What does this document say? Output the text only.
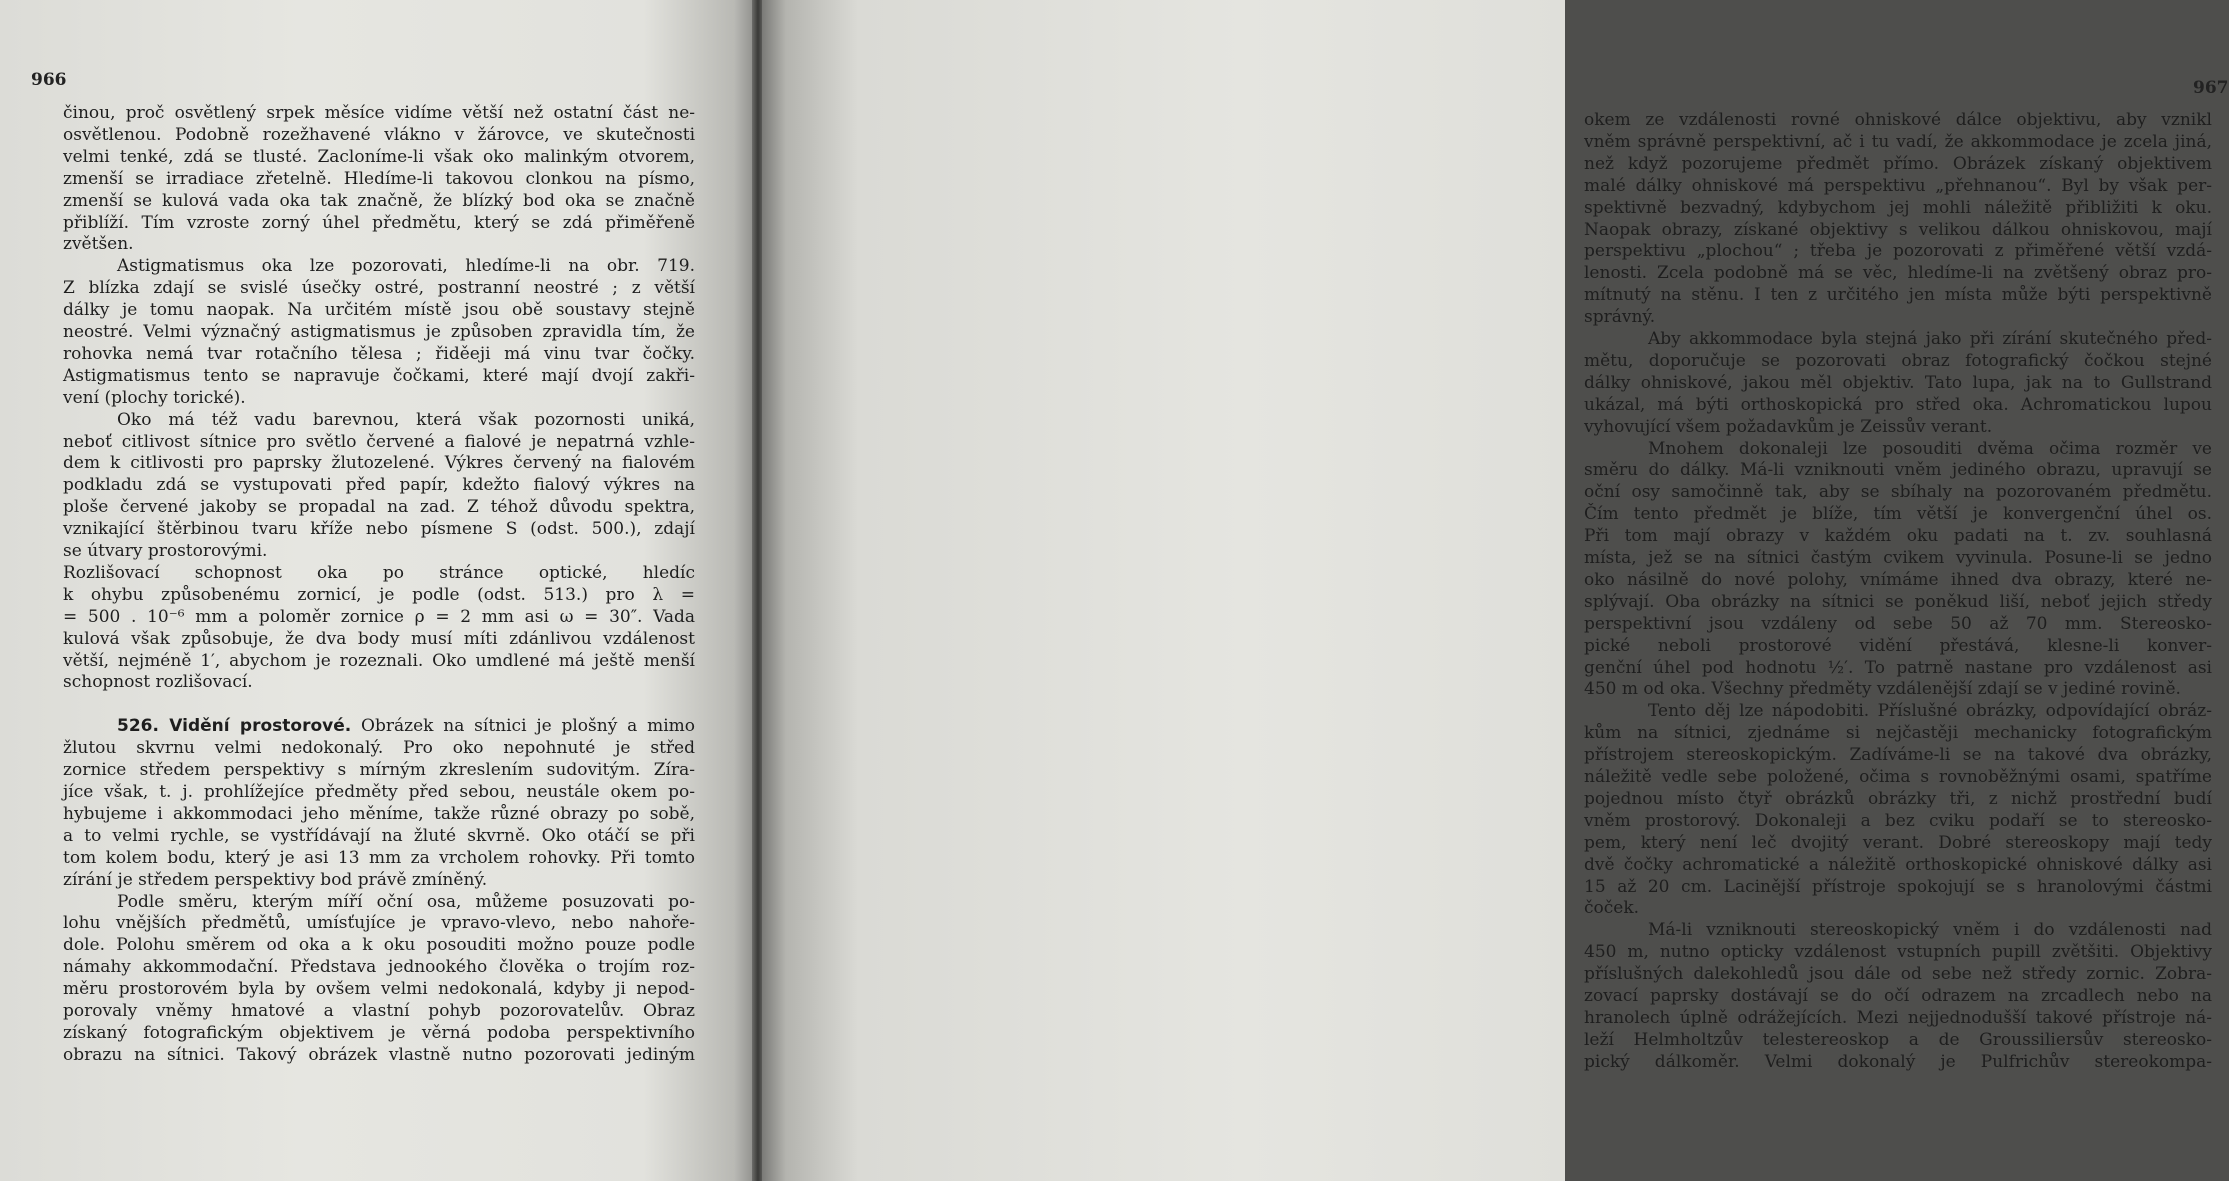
966
činou, proč osvětlený srpek měsíce vidíme větší než ostatní část ne-
osvětlenou. Podobně rozežhavené vlákno v žárovce, ve skutečnosti
velmi tenké, zdá se tlusté. Zacloníme-li však oko malinkým otvorem,
zmenší se irradiace zřetelně. Hledíme-li takovou clonkou na písmo,
zmenší se kulová vada oka tak značně, že blízký bod oka se značně
přiblíží. Tím vzroste zorný úhel předmětu, který se zdá přiměřeně
zvětšen.
Astigmatismus oka lze pozorovati, hledíme-li na obr. 719.
Z blízka zdají se svislé úsečky ostré, postranní neostré ; z větší
dálky je tomu naopak. Na určitém místě jsou obě soustavy stejně
neostré. Velmi význačný astigmatismus je způsoben zpravidla tím, že
rohovka nemá tvar rotačního tělesa ; řiděeji má vinu tvar čočky.
Astigmatismus tento se napravuje čočkami, které mají dvojí zakři-
vení (plochy torické).
Oko má též vadu barevnou, která však pozornosti uniká,
neboť citlivost sítnice pro světlo červené a fialové je nepatrná vzhle-
dem k citlivosti pro paprsky žlutozelené. Výkres červený na fialovém
podkladu zdá se vystupovati před papír, kdežto fialový výkres na
ploše červené jakoby se propadal na zad. Z téhož důvodu spektra,
vznikající štěrbinou tvaru kříže nebo písmene S (odst. 500.), zdají
se útvary prostorovými.
Rozlišovací schopnost oka po stránce optické, hledíc
k ohybu způsobenému zornicí, je podle (odst. 513.) pro λ =
= 500 . 10⁻⁶ mm a poloměr zornice ρ = 2 mm asi ω = 30″. Vada
kulová však způsobuje, že dva body musí míti zdánlivou vzdálenost
větší, nejméně 1′, abychom je rozeznali. Oko umdlené má ještě menší
schopnost rozlišovací.
526. Vidění prostorové. Obrázek na sítnici je plošný a mimo
žlutou skvrnu velmi nedokonalý. Pro oko nepohnuté je střed
zornice středem perspektivy s mírným zkreslením sudovitým. Zíra-
jíce však, t. j. prohlížejíce předměty před sebou, neustále okem po-
hybujeme i akkommodaci jeho měníme, takže různé obrazy po sobě,
a to velmi rychle, se vystřídávají na žluté skvrně. Oko otáčí se při
tom kolem bodu, který je asi 13 mm za vrcholem rohovky. Při tomto
zírání je středem perspektivy bod právě zmíněný.
Podle směru, kterým míří oční osa, můžeme posuzovati po-
lohu vnějších předmětů, umísťujíce je vpravo-vlevo, nebo nahoře-
dole. Polohu směrem od oka a k oku posouditi možno pouze podle
námahy akkommodační. Představa jednookého člověka o trojím roz-
měru prostorovém byla by ovšem velmi nedokonalá, kdyby ji nepod-
porovaly vněmy hmatové a vlastní pohyb pozorovatelův. Obraz
získaný fotografickým objektivem je věrná podoba perspektivního
obrazu na sítnici. Takový obrázek vlastně nutno pozorovati jediným
967
okem ze vzdálenosti rovné ohniskové dálce objektivu, aby vznikl
vněm správně perspektivní, ač i tu vadí, že akkommodace je zcela jiná,
než když pozorujeme předmět přímo. Obrázek získaný objektivem
malé dálky ohniskové má perspektivu „přehnanou“. Byl by však per-
spektivně bezvadný, kdybychom jej mohli náležitě přibližiti k oku.
Naopak obrazy, získané objektivy s velikou dálkou ohniskovou, mají
perspektivu „plochou“ ; třeba je pozorovati z přiměřené větší vzdá-
lenosti. Zcela podobně má se věc, hledíme-li na zvětšený obraz pro-
mítnutý na stěnu. I ten z určitého jen místa může býti perspektivně
správný.
Aby akkommodace byla stejná jako při zírání skutečného před-
mětu, doporučuje se pozorovati obraz fotografický čočkou stejné
dálky ohniskové, jakou měl objektiv. Tato lupa, jak na to Gullstrand
ukázal, má býti orthoskopická pro střed oka. Achromatickou lupou
vyhovující všem požadavkům je Zeissův verant.
Mnohem dokonaleji lze posouditi dvěma očima rozměr ve
směru do dálky. Má-li vzniknouti vněm jediného obrazu, upravují se
oční osy samočinně tak, aby se sbíhaly na pozorovaném předmětu.
Čím tento předmět je blíže, tím větší je konvergenční úhel os.
Při tom mají obrazy v každém oku padati na t. zv. souhlasná
místa, jež se na sítnici častým cvikem vyvinula. Posune-li se jedno
oko násilně do nové polohy, vnímáme ihned dva obrazy, které ne-
splývají. Oba obrázky na sítnici se poněkud liší, neboť jejich středy
perspektivní jsou vzdáleny od sebe 50 až 70 mm. Stereosko-
pické neboli prostorové vidění přestává, klesne-li konver-
genční úhel pod hodnotu ½′. To patrně nastane pro vzdálenost asi
450 m od oka. Všechny předměty vzdálenější zdají se v jediné rovině.
Tento děj lze nápodobiti. Příslušné obrázky, odpovídající obráz-
kům na sítnici, zjednáme si nejčastěji mechanicky fotografickým
přístrojem stereoskopickým. Zadíváme-li se na takové dva obrázky,
náležitě vedle sebe položené, očima s rovnoběžnými osami, spatříme
pojednou místo čtyř obrázků obrázky tři, z nichž prostřední budí
vněm prostorový. Dokonaleji a bez cviku podaří se to stereosko-
pem, který není leč dvojitý verant. Dobré stereoskopy mají tedy
dvě čočky achromatické a náležitě orthoskopické ohniskové dálky asi
15 až 20 cm. Lacinější přístroje spokojují se s hranolovými částmi
čoček.
Má-li vzniknouti stereoskopický vněm i do vzdálenosti nad
450 m, nutno opticky vzdálenost vstupních pupill zvětšiti. Objektivy
příslušných dalekohledů jsou dále od sebe než středy zornic. Zobra-
zovací paprsky dostávají se do očí odrazem na zrcadlech nebo na
hranolech úplně odrážejících. Mezi nejjednodušší takové přístroje ná-
leží Helmholtzův telestereoskop a de Groussiliersův stereosko-
pický dálkoměr. Velmi dokonalý je Pulfrichův stereokompa-
